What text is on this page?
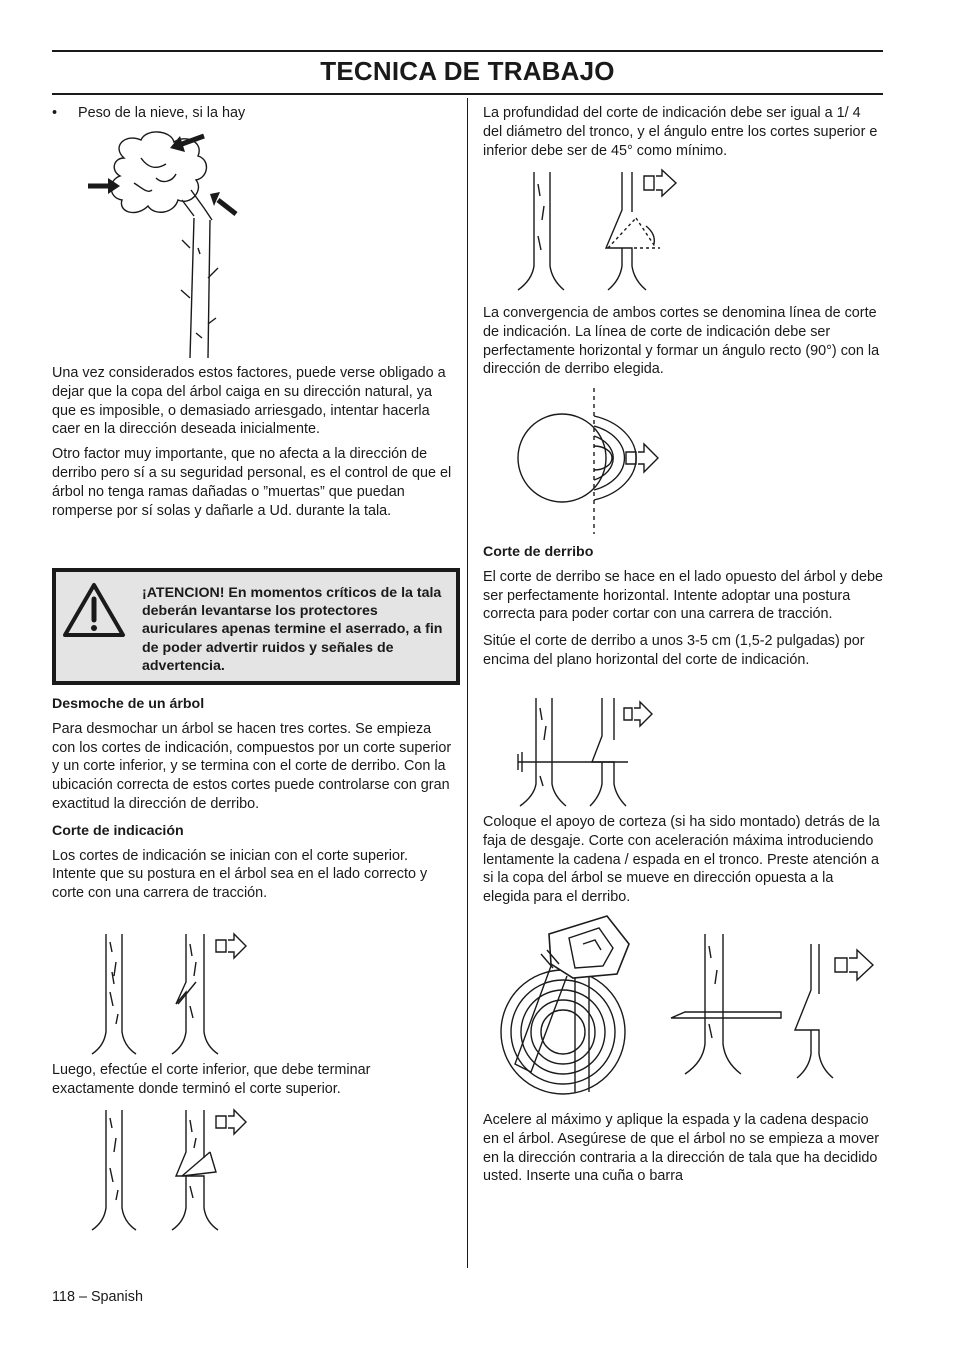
TECNICA DE TRABAJO
•	Peso de la nieve, si la hay

Una vez considerados estos factores, puede verse obligado a dejar que la copa del árbol caiga en su dirección natural, ya que es imposible, o demasiado arriesgado, intentar hacerla caer en la dirección deseada inicialmente.

Otro factor muy importante, que no afecta a la dirección de derribo pero sí a su seguridad personal, es el control de que el árbol no tenga ramas dañadas o ”muertas” que puedan romperse por sí solas y dañarle a Ud. durante la tala.

¡ATENCION! En momentos críticos de la tala deberán levantarse los protectores auriculares apenas termine el aserrado, a fin de poder advertir ruidos y señales de advertencia.

Desmoche de un árbol

Para desmochar un árbol se hacen tres cortes. Se empieza con los cortes de indicación, compuestos por un corte superior y un corte inferior, y se termina con el corte de derribo. Con la ubicación correcta de estos cortes puede controlarse con gran exactitud la dirección de derribo.

Corte de indicación

Los cortes de indicación se inician con el corte superior. Intente que su postura en el árbol sea en el lado correcto y corte con una carrera de tracción.

Luego, efectúe el corte inferior, que debe terminar exactamente donde terminó el corte superior.

118 – Spanish

La profundidad del corte de indicación debe ser igual a 1/ 4 del diámetro del tronco, y el ángulo entre los cortes superior e inferior debe ser de 45° como mínimo.

La convergencia de ambos cortes se denomina línea de corte de indicación. La línea de corte de indicación debe ser perfectamente horizontal y formar un ángulo recto (90°) con la dirección de derribo elegida.

Corte de derribo

El corte de derribo se hace en el lado opuesto del árbol y debe ser perfectamente horizontal. Intente adoptar una postura correcta para poder cortar con una carrera de tracción.

Sitúe el corte de derribo a unos 3-5 cm (1,5-2 pulgadas) por encima del plano horizontal del corte de indicación.

Coloque el apoyo de corteza (si ha sido montado) detrás de la faja de desgaje. Corte con aceleración máxima introduciendo lentamente la cadena / espada en el tronco. Preste atención a si la copa del árbol se mueve en dirección opuesta a la elegida para el derribo.

Acelere al máximo y aplique la espada y la cadena despacio en el árbol. Asegúrese de que el árbol no se empieza a mover en la dirección contraria a la dirección de tala que ha decidido usted. Inserte una cuña o barra
